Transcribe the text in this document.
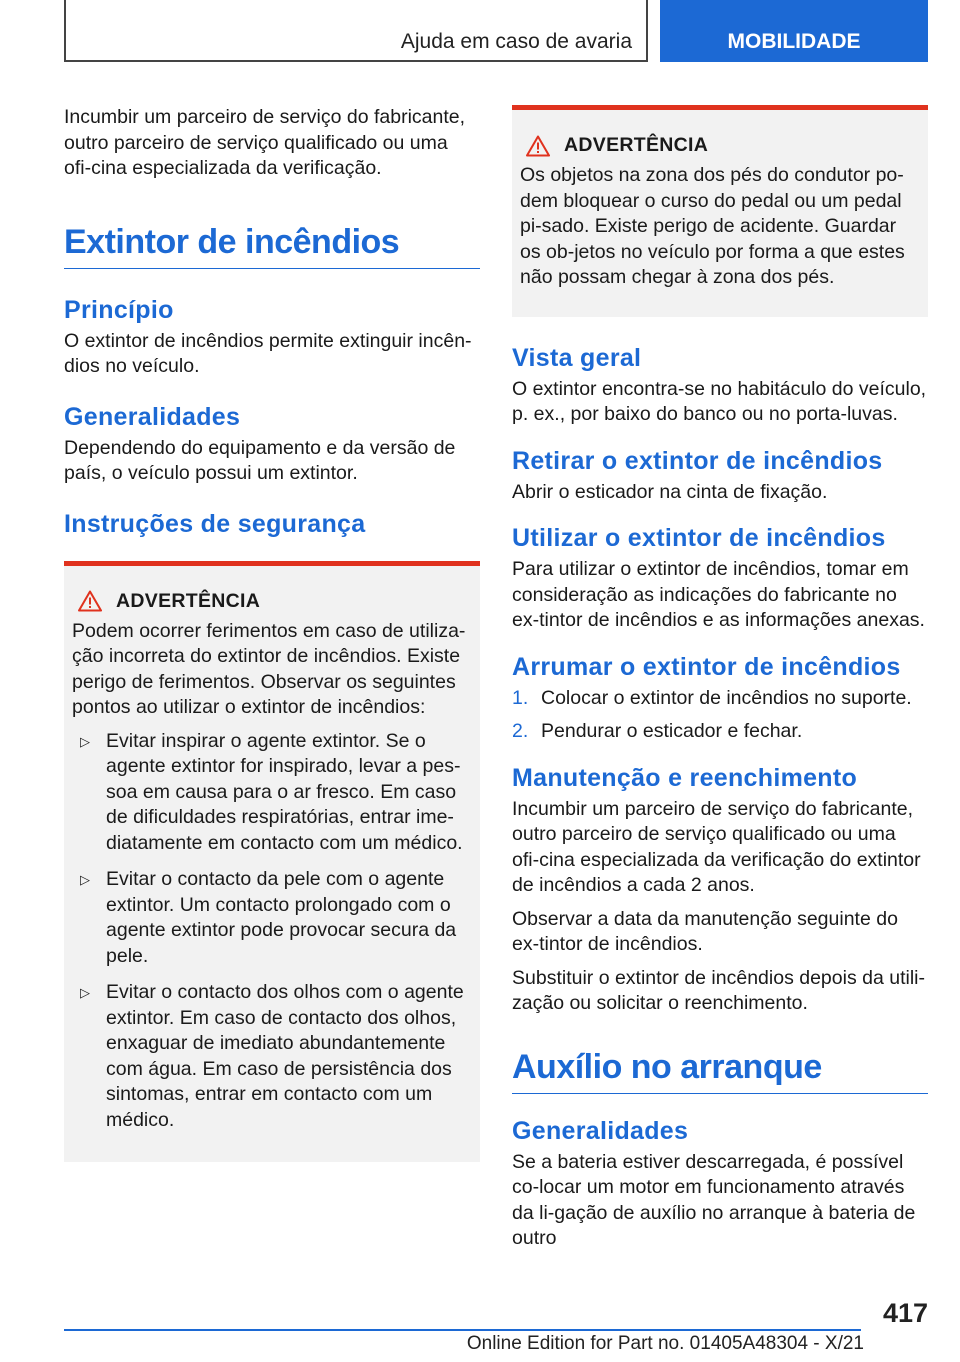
Ajuda em caso de avaria	MOBILIDADE

Incumbir um parceiro de serviço do fabricante, outro parceiro de serviço qualificado ou uma ofi-cina especializada da verificação.

Extintor de incêndios
Princípio

O extintor de incêndios permite extinguir incên-dios no veículo.

Generalidades

Dependendo do equipamento e da versão de país, o veículo possui um extintor.

Instruções de segurança
ADVERTÊNCIA

Podem ocorrer ferimentos em caso de utiliza-ção incorreta do extintor de incêndios. Existe perigo de ferimentos. Observar os seguintes pontos ao utilizar o extintor de incêndios:

▷ Evitar inspirar o agente extintor. Se o agente extintor for inspirado, levar a pes-soa em causa para o ar fresco. Em caso de dificuldades respiratórias, entrar ime-diatamente em contacto com um médico.
▷ Evitar o contacto da pele com o agente extintor. Um contacto prolongado com o agente extintor pode provocar secura da pele.
▷ Evitar o contacto dos olhos com o agente extintor. Em caso de contacto dos olhos, enxaguar de imediato abundantemente com água. Em caso de persistência dos sintomas, entrar em contacto com um médico.
ADVERTÊNCIA

Os objetos na zona dos pés do condutor po-dem bloquear o curso do pedal ou um pedal pi-sado. Existe perigo de acidente. Guardar os ob-jetos no veículo por forma a que estes não possam chegar à zona dos pés.

Vista geral

O extintor encontra-se no habitáculo do veículo, p. ex., por baixo do banco ou no porta-luvas.

Retirar o extintor de incêndios

Abrir o esticador na cinta de fixação.

Utilizar o extintor de incêndios

Para utilizar o extintor de incêndios, tomar em consideração as indicações do fabricante no ex-tintor de incêndios e as informações anexas.

Arrumar o extintor de incêndios
1. Colocar o extintor de incêndios no suporte.
2. Pendurar o esticador e fechar.
Manutenção e reenchimento

Incumbir um parceiro de serviço do fabricante, outro parceiro de serviço qualificado ou uma ofi-cina especializada da verificação do extintor de incêndios a cada 2 anos.

Observar a data da manutenção seguinte do ex-tintor de incêndios.

Substituir o extintor de incêndios depois da utili-zação ou solicitar o reenchimento.

Auxílio no arranque
Generalidades

Se a bateria estiver descarregada, é possível co-locar um motor em funcionamento através da li-gação de auxílio no arranque à bateria de outro

417
Online Edition for Part no. 01405A48304 - X/21
